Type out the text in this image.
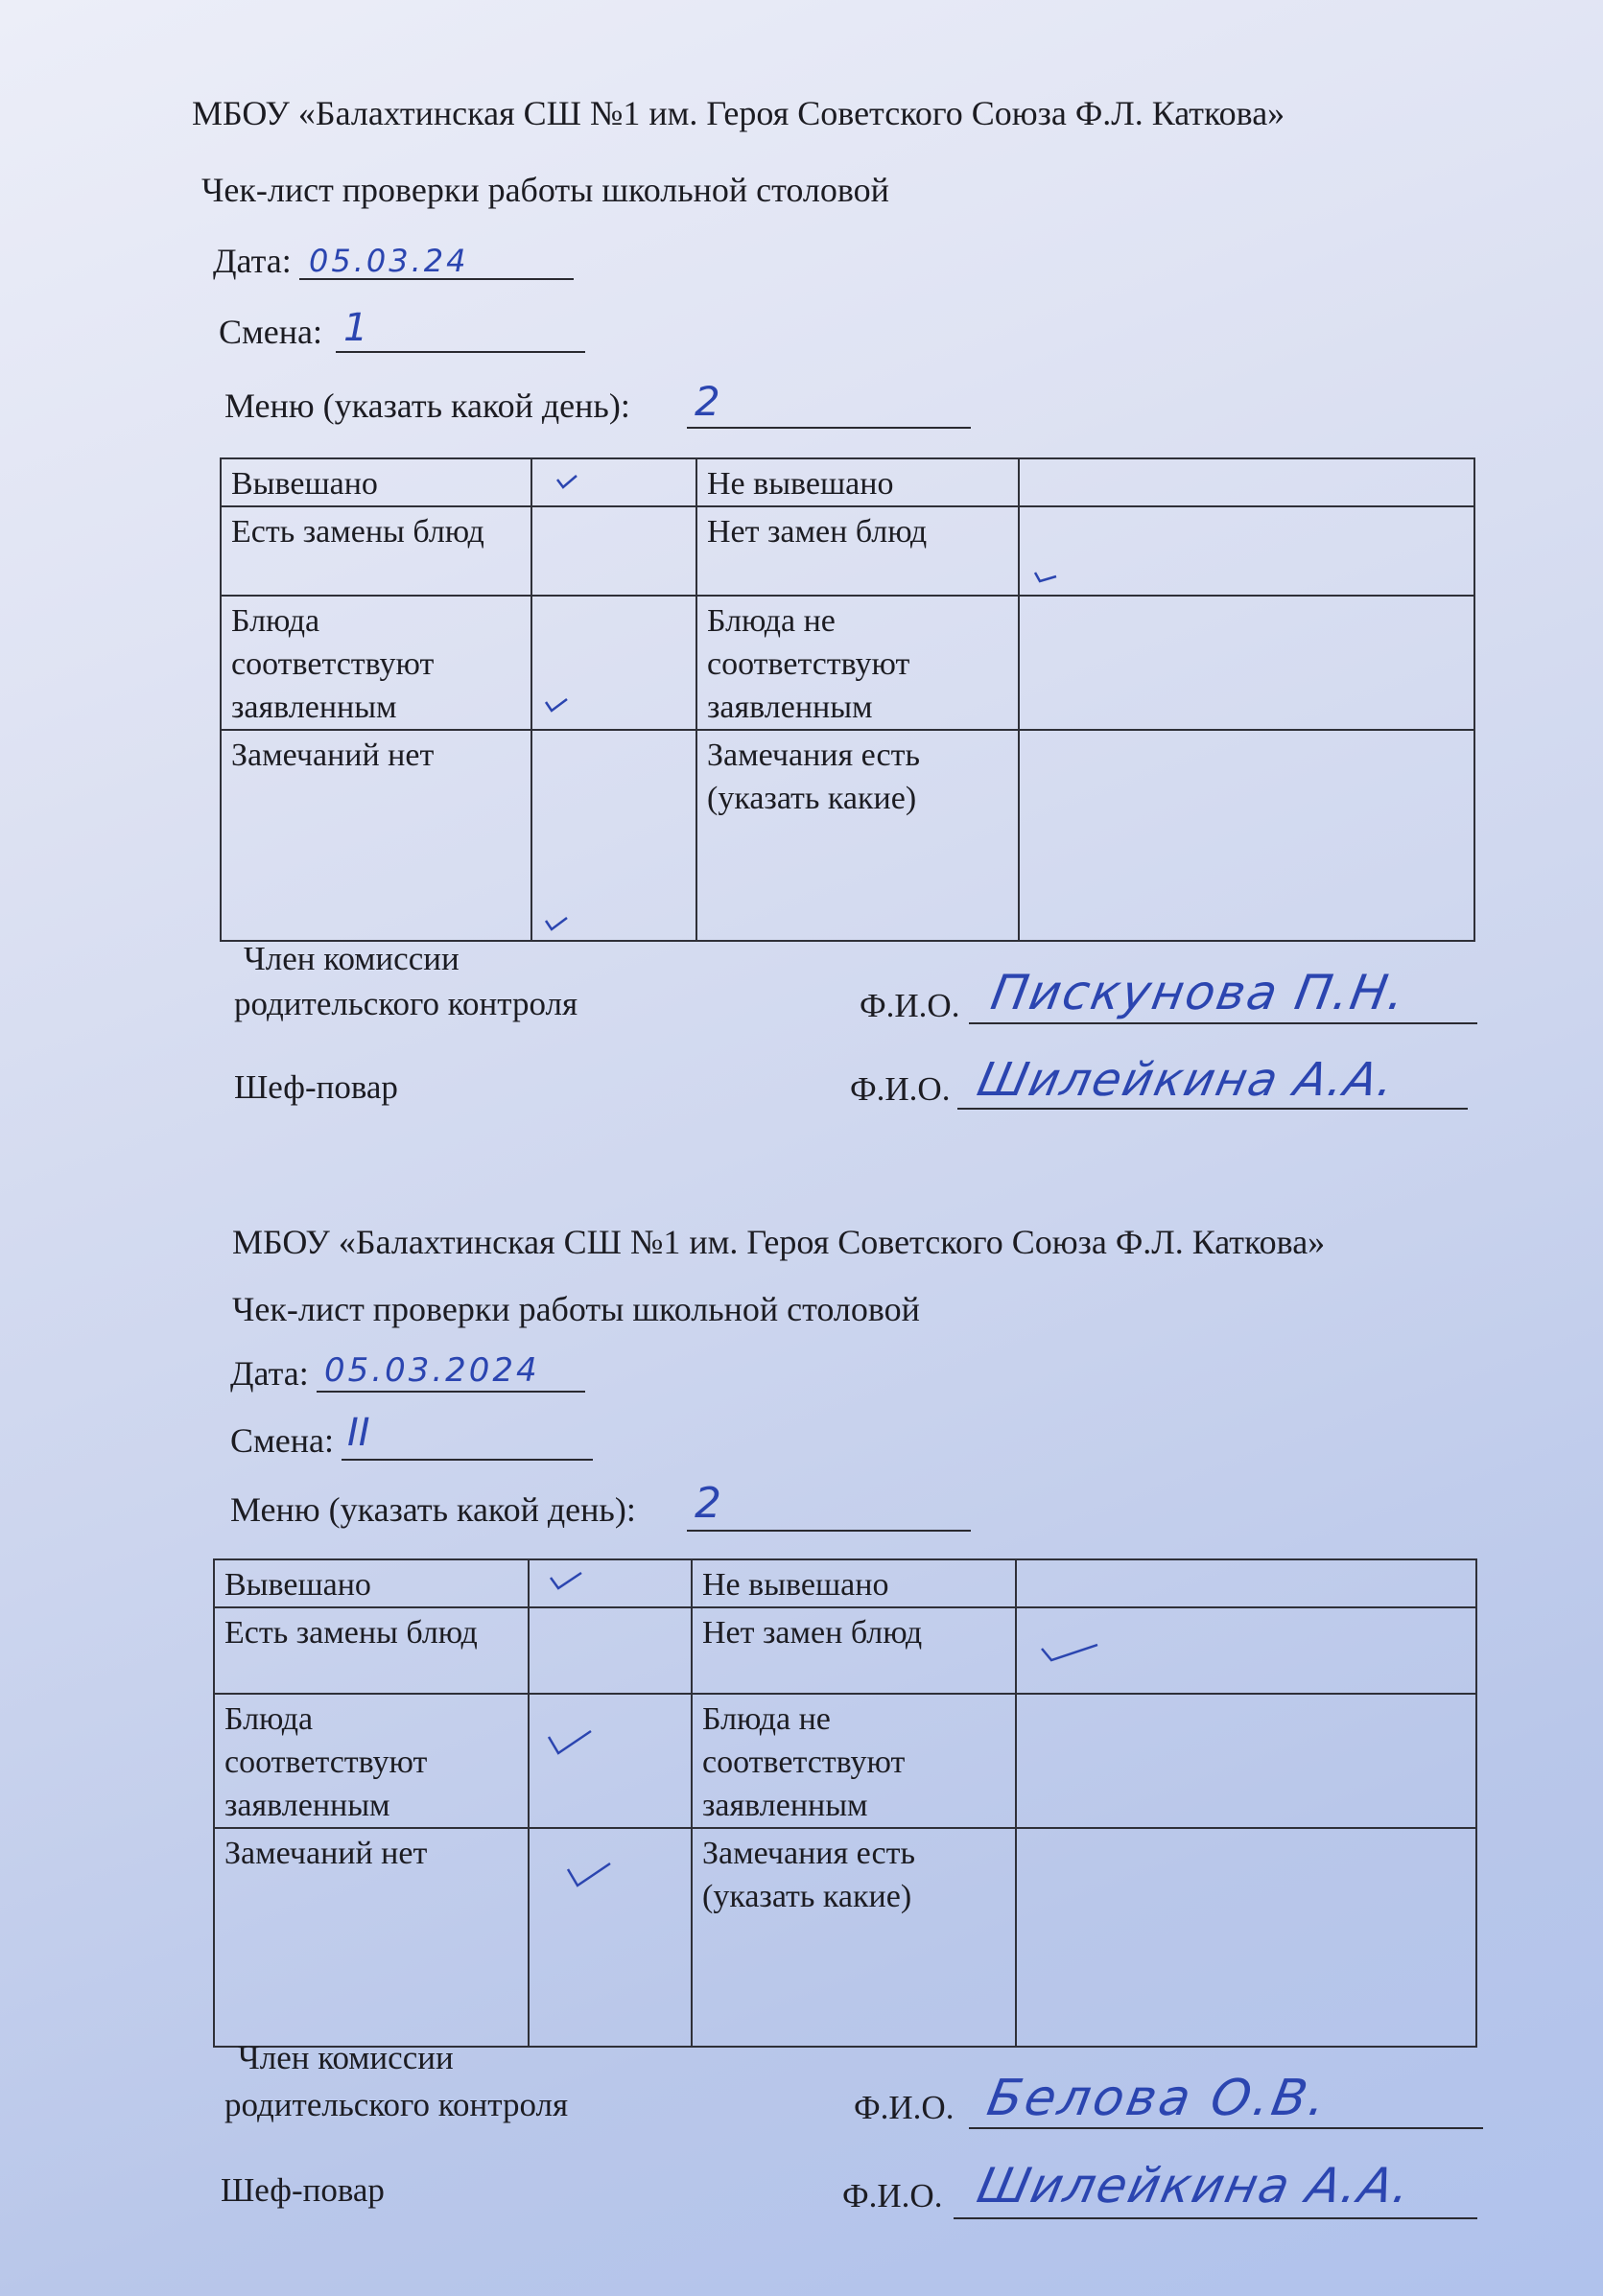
МБОУ «Балахтинская СШ №1 им. Героя Советского Союза Ф.Л. Каткова»
Чек-лист проверки работы школьной столовой
Дата: 05.03.24
Смена: 1
Меню (указать какой день): 2
Вывешано		Не вывешано	
Есть замены блюд		Нет замен блюд	

Блюда соответствуют заявленным		Блюда не соответствуют заявленным	
Замечаний нет		Замечания есть (указать какие)	
Член комиссии
родительского контроля	Ф.И.О. Пискунова П.Н.
Шеф-повар	Ф.И.О. Шилейкина А.А.
МБОУ «Балахтинская СШ №1 им. Героя Советского Союза Ф.Л. Каткова»
Чек-лист проверки работы школьной столовой
Дата: 05.03.2024
Смена: II
Меню (указать какой день): 2
Вывешано		Не вывешано	
Есть замены блюд		Нет замен блюд	

Блюда соответствуют заявленным		Блюда не соответствуют заявленным	
Замечаний нет		Замечания есть (указать какие)	
Член комиссии
родительского контроля	Ф.И.О. Белова О.В.
Шеф-повар	Ф.И.О. Шилейкина А.А.
